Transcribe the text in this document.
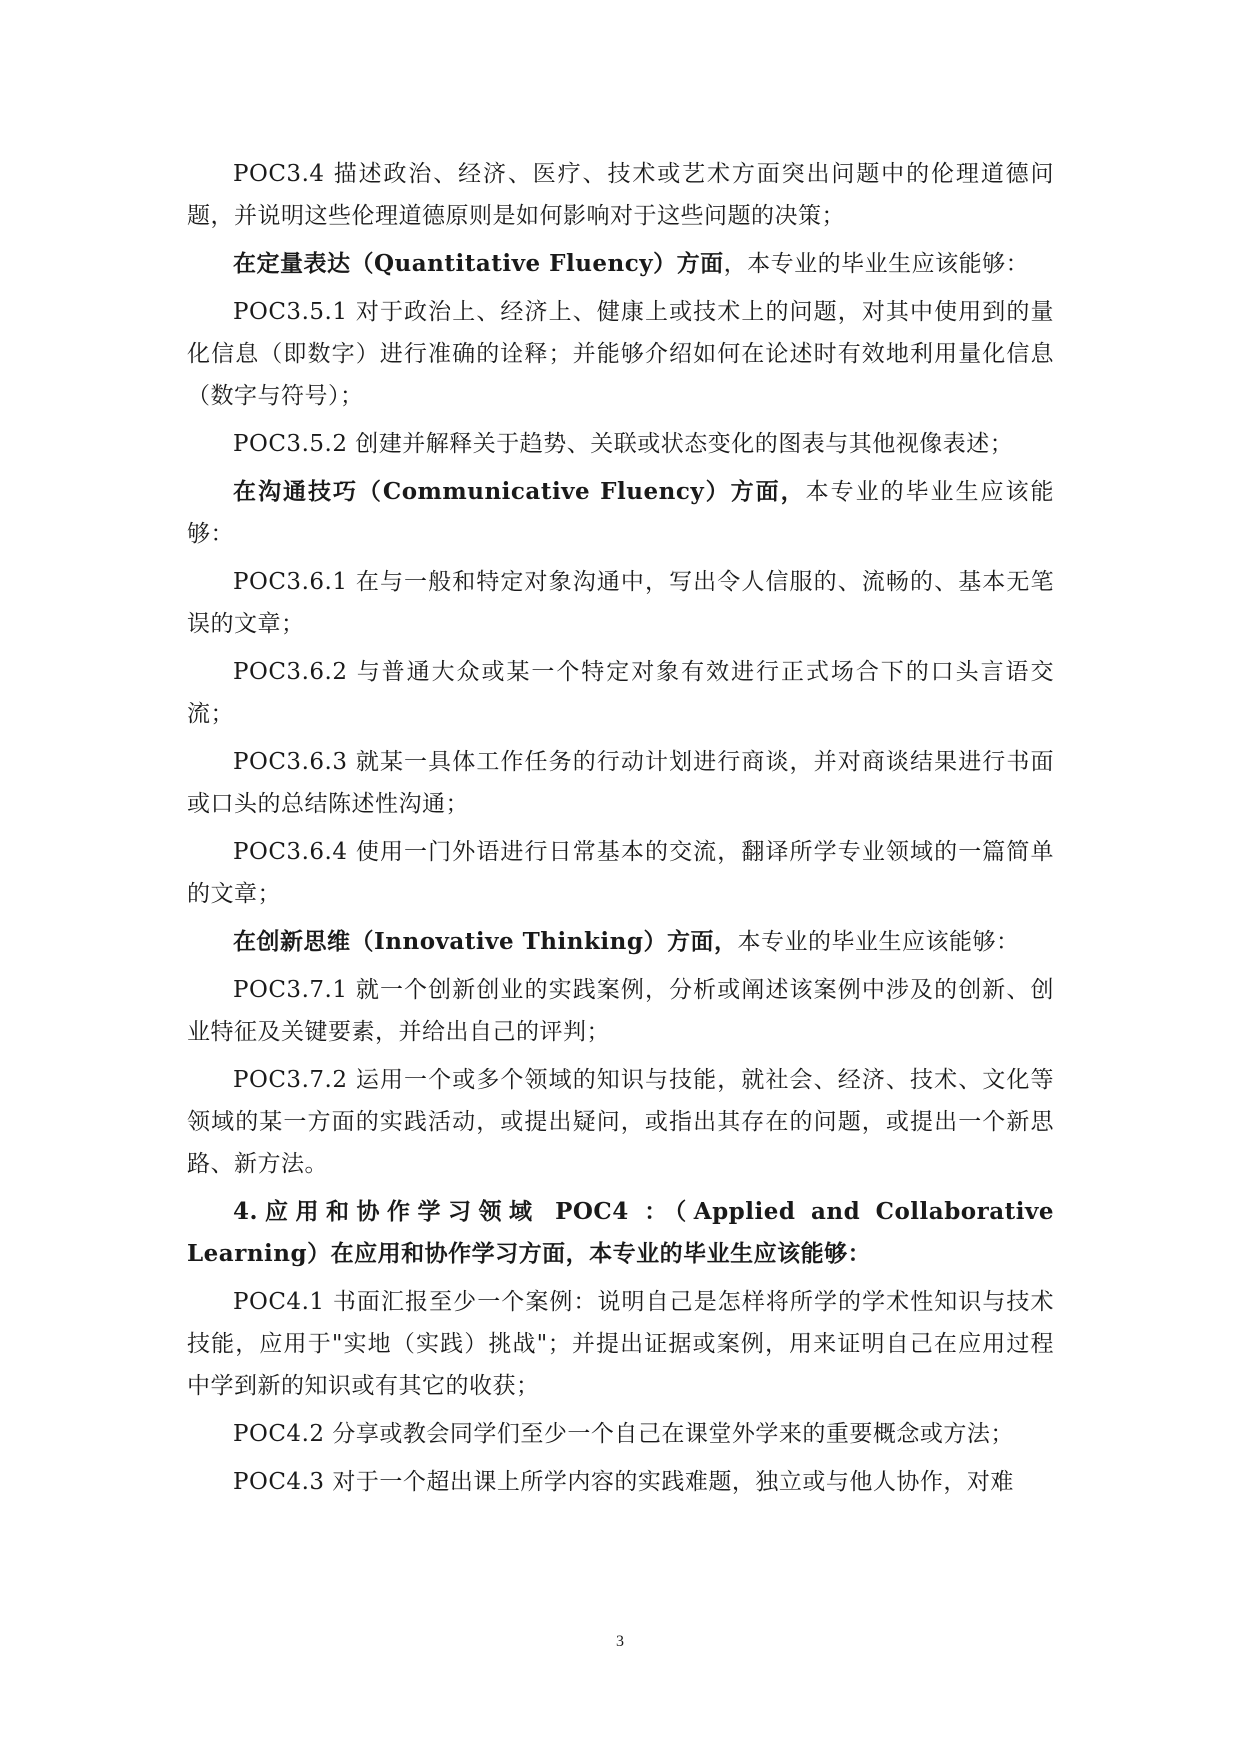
POC3.4 描述政治、经济、医疗、技术或艺术方面突出问题中的伦理道德问题，并说明这些伦理道德原则是如何影响对于这些问题的决策；

在定量表达（Quantitative Fluency）方面，本专业的毕业生应该能够：

POC3.5.1 对于政治上、经济上、健康上或技术上的问题，对其中使用到的量化信息（即数字）进行准确的诠释；并能够介绍如何在论述时有效地利用量化信息（数字与符号）；

POC3.5.2 创建并解释关于趋势、关联或状态变化的图表与其他视像表述；

在沟通技巧（Communicative Fluency）方面，本专业的毕业生应该能够：

POC3.6.1 在与一般和特定对象沟通中，写出令人信服的、流畅的、基本无笔误的文章；

POC3.6.2 与普通大众或某一个特定对象有效进行正式场合下的口头言语交流；

POC3.6.3 就某一具体工作任务的行动计划进行商谈，并对商谈结果进行书面或口头的总结陈述性沟通；

POC3.6.4 使用一门外语进行日常基本的交流，翻译所学专业领域的一篇简单的文章；

在创新思维（Innovative Thinking）方面，本专业的毕业生应该能够：

POC3.7.1 就一个创新创业的实践案例，分析或阐述该案例中涉及的创新、创业特征及关键要素，并给出自己的评判；

POC3.7.2 运用一个或多个领域的知识与技能，就社会、经济、技术、文化等领域的某一方面的实践活动，或提出疑问，或指出其存在的问题，或提出一个新思路、新方法。

4.应用和协作学习领域 POC4 ：（Applied and Collaborative Learning）在应用和协作学习方面，本专业的毕业生应该能够：

POC4.1 书面汇报至少一个案例：说明自己是怎样将所学的学术性知识与技术技能，应用于"实地（实践）挑战"；并提出证据或案例，用来证明自己在应用过程中学到新的知识或有其它的收获；

POC4.2 分享或教会同学们至少一个自己在课堂外学来的重要概念或方法；

POC4.3 对于一个超出课上所学内容的实践难题，独立或与他人协作，对难

3
